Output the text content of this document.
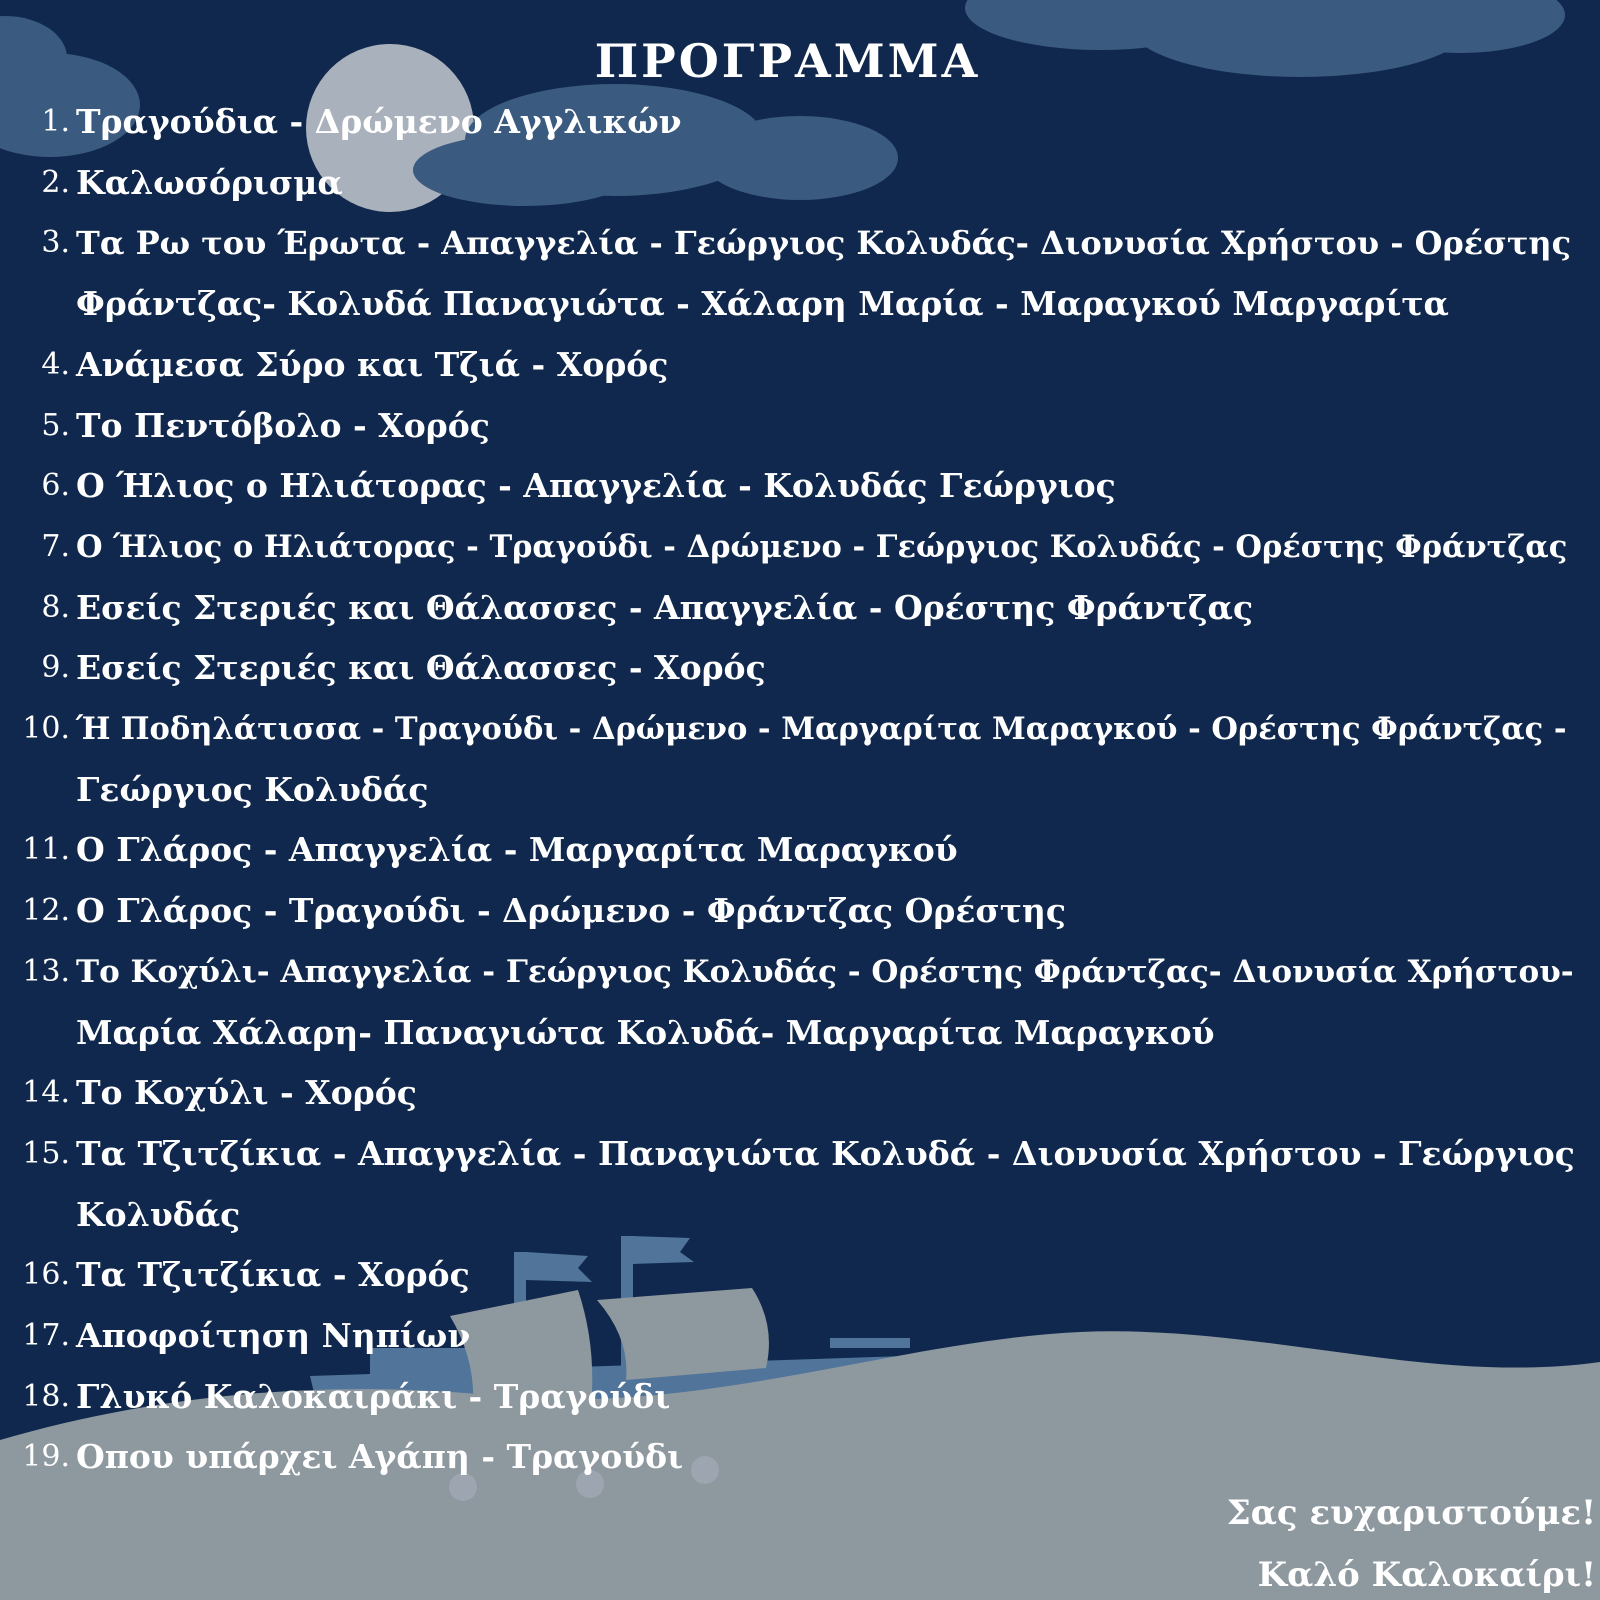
ΠΡΟΓΡΑΜΜΑ
1. Τραγούδια - Δρώμενο Αγγλικών
2. Καλωσόρισμα
3. Τα Ρω του Έρωτα - Απαγγελία - Γεώργιος Κολυδάς- Διονυσία Χρήστου - Ορέστης
Φράντζας- Κολυδά Παναγιώτα - Χάλαρη Μαρία - Μαραγκού Μαργαρίτα
4. Ανάμεσα Σύρο και Τζιά - Χορός
5. Το Πεντόβολο - Χορός
6. Ο Ήλιος ο Ηλιάτορας - Απαγγελία - Κολυδάς Γεώργιος
7. Ο Ήλιος ο Ηλιάτορας - Τραγούδι - Δρώμενο - Γεώργιος Κολυδάς - Ορέστης Φράντζας
8. Εσείς Στεριές και Θάλασσες - Απαγγελία - Ορέστης Φράντζας
9. Εσείς Στεριές και Θάλασσες - Χορός
10. Ή Ποδηλάτισσα - Τραγούδι - Δρώμενο - Μαργαρίτα Μαραγκού - Ορέστης Φράντζας -
Γεώργιος Κολυδάς
11. Ο Γλάρος - Απαγγελία - Μαργαρίτα Μαραγκού
12. Ο Γλάρος - Τραγούδι - Δρώμενο - Φράντζας Ορέστης
13. Το Κοχύλι- Απαγγελία - Γεώργιος Κολυδάς - Ορέστης Φράντζας- Διονυσία Χρήστου-
Μαρία Χάλαρη- Παναγιώτα Κολυδά- Μαργαρίτα Μαραγκού
14. Το Κοχύλι - Χορός
15. Τα Τζιτζίκια - Απαγγελία - Παναγιώτα Κολυδά - Διονυσία Χρήστου - Γεώργιος
Κολυδάς
16. Τα Τζιτζίκια - Χορός
17. Αποφοίτηση Νηπίων
18. Γλυκό Καλοκαιράκι - Τραγούδι
19. Οπου υπάρχει Αγάπη - Τραγούδι
Σας ευχαριστούμε!
Καλό Καλοκαίρι!
